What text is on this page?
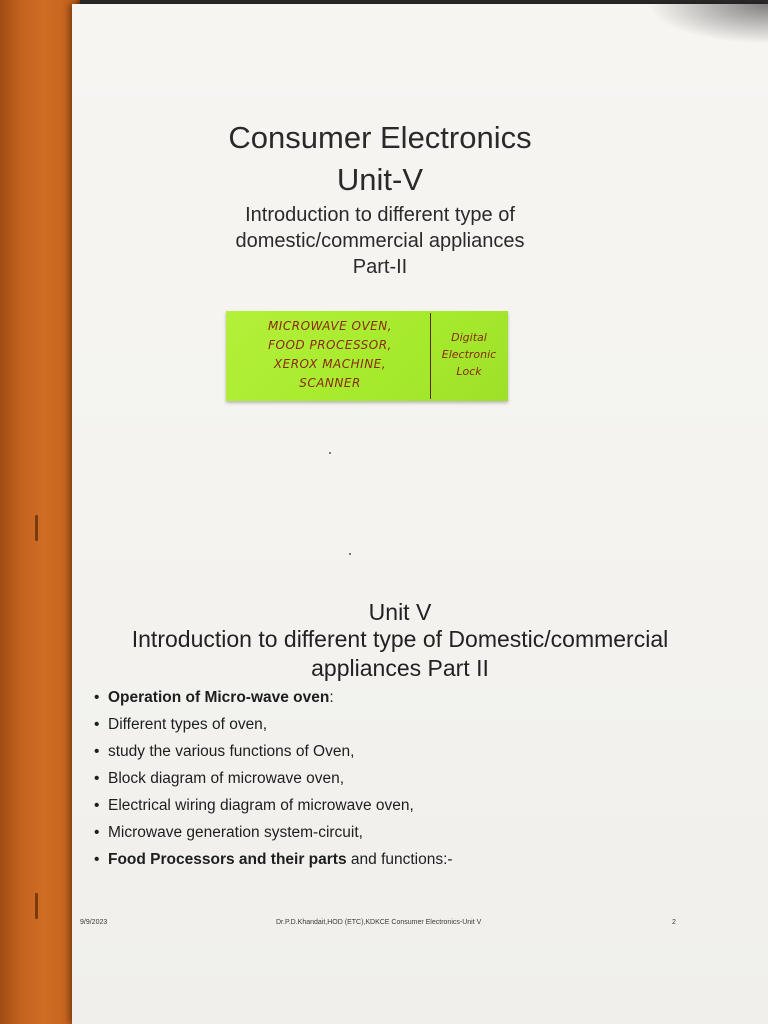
Consumer Electronics
Unit-V
Introduction to different type of
domestic/commercial appliances
Part-II
MICROWAVE OVEN,
FOOD PROCESSOR,
XEROX MACHINE,
SCANNER
Digital
Electronic
Lock
Unit V
Introduction to different type of Domestic/commercial
appliances Part II
• Operation of Micro-wave oven:
• Different types of oven,
• study the various functions of Oven,
• Block diagram of microwave oven,
• Electrical wiring diagram of microwave oven,
• Microwave generation system-circuit,
• Food Processors and their parts and functions:-
9/9/2023	Dr.P.D.Khandait,HOD (ETC),KDKCE Consumer Electronics-Unit V	2
